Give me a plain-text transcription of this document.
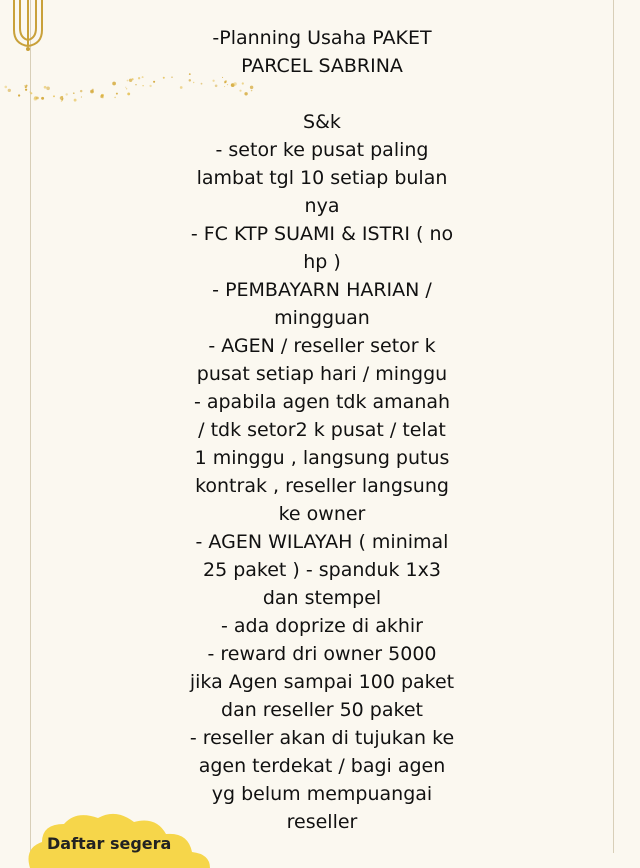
-Planning Usaha PAKET
PARCEL SABRINA
S&k
- setor ke pusat paling
lambat tgl 10 setiap bulan
nya
- FC KTP SUAMI & ISTRI ( no
hp )
- PEMBAYARN HARIAN /
mingguan
- AGEN / reseller setor k
pusat setiap hari / minggu
- apabila agen tdk amanah
/ tdk setor2 k pusat / telat
1 minggu , langsung putus
kontrak , reseller langsung
ke owner
- AGEN WILAYAH ( minimal
25 paket ) - spanduk 1x3
dan stempel
- ada doprize di akhir
- reward dri owner 5000
jika Agen sampai 100 paket
dan reseller 50 paket
- reseller akan di tujukan ke
agen terdekat / bagi agen
yg belum mempuangai
reseller
Daftar segera
